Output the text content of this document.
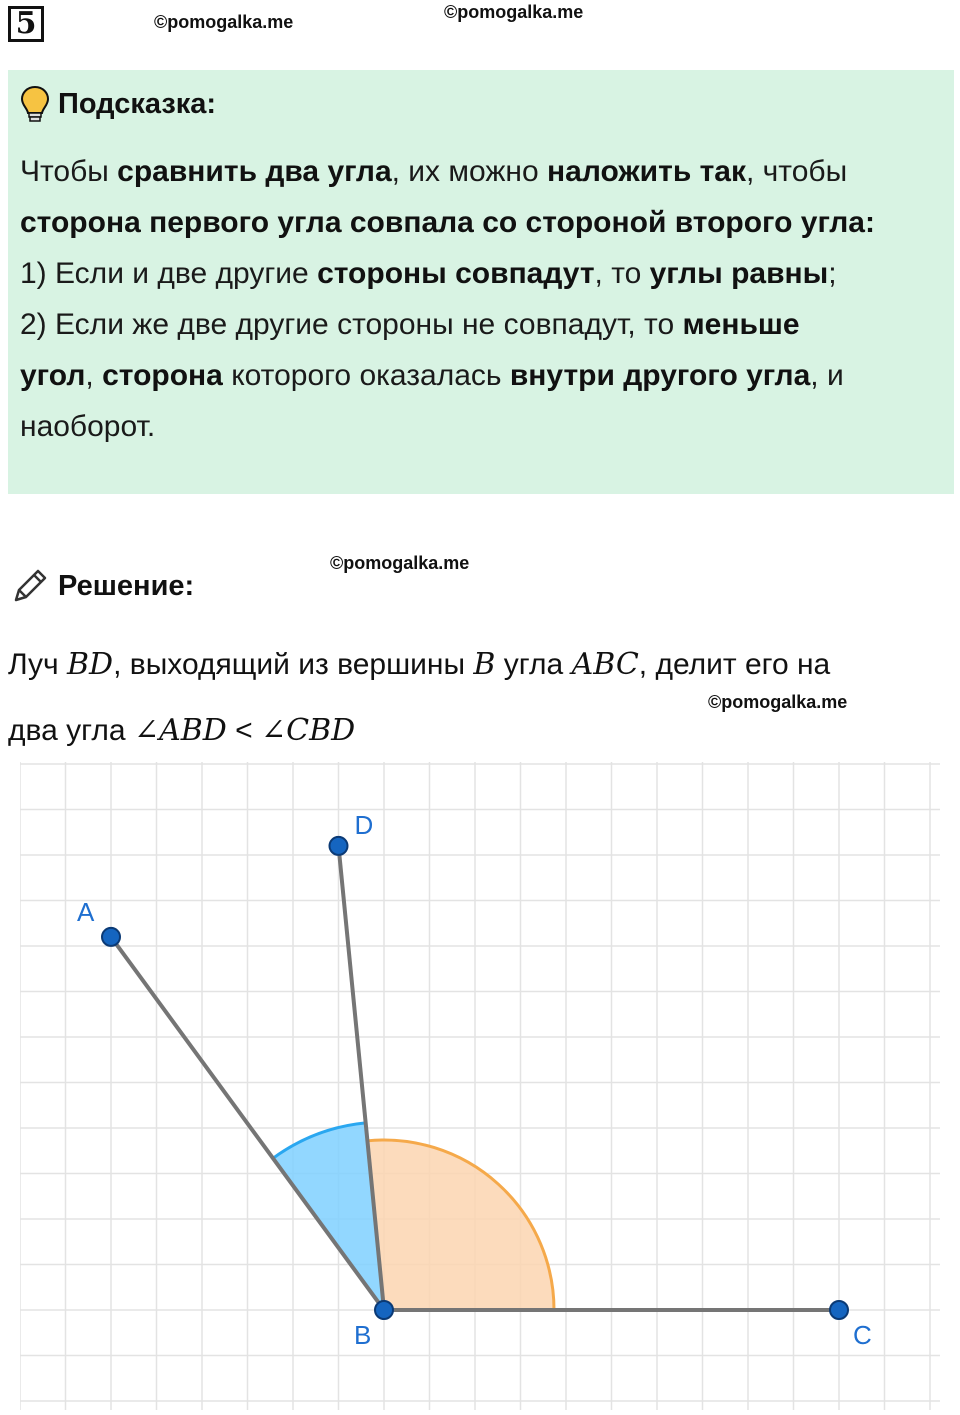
5	©pomogalka.me	©pomogalka.me
Подсказка:
Чтобы сравнить два угла, их можно наложить так, чтобы
сторона первого угла совпала со стороной второго угла:
1) Если и две другие стороны совпадут, то углы равны;
2) Если же две другие стороны не совпадут, то меньше
угол, сторона которого оказалась внутри другого угла, и
наоборот.
©pomogalka.me
Решение:
Луч BD, выходящий из вершины B угла ABC, делит его на
два угла ∠ABD < ∠CBD
©pomogalka.me
A
B	C
D
